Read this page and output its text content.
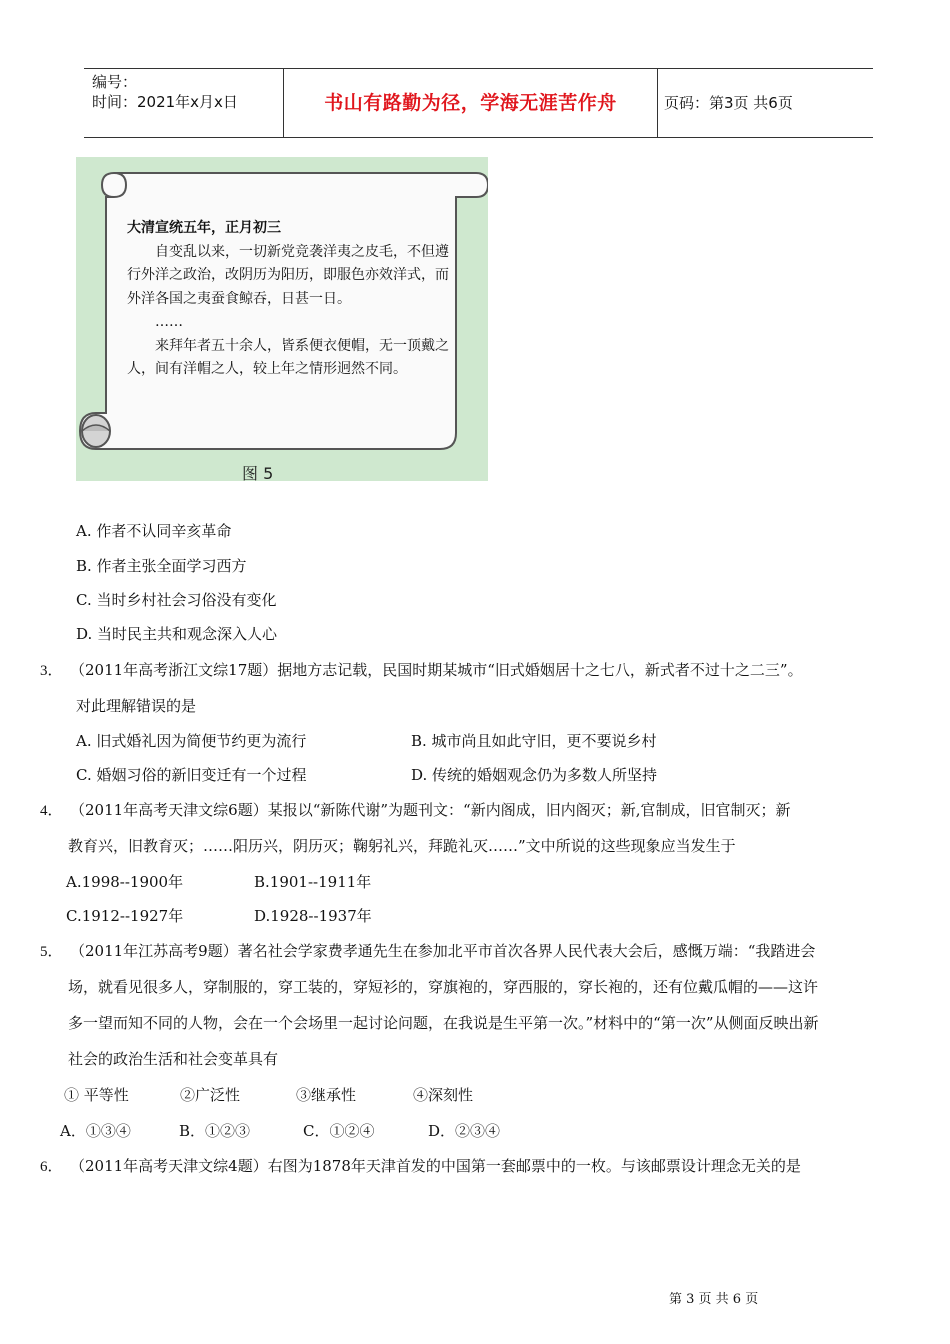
编号：
时间：2021年x月x日	书山有路勤为径，学海无涯苦作舟	页码：第3页 共6页

大清宣统五年，正月初三

自变乱以来，一切新党竞袭洋夷之皮毛，不但遵行外洋之政治，改阴历为阳历，即服色亦效洋式，而外洋各国之夷蚕食鲸吞，日甚一日。

……

来拜年者五十余人，皆系便衣便帽，无一顶戴之人，间有洋帽之人，较上年之情形迥然不同。

图 5
A. 作者不认同辛亥革命
B. 作者主张全面学习西方
C. 当时乡村社会习俗没有变化
D. 当时民主共和观念深入人心
3． （2011年高考浙江文综17题）据地方志记载，民国时期某城市“旧式婚姻居十之七八，新式者不过十之二三”。
对此理解错误的是
A. 旧式婚礼因为简便节约更为流行	B. 城市尚且如此守旧，更不要说乡村
C. 婚姻习俗的新旧变迁有一个过程	D. 传统的婚姻观念仍为多数人所坚持
4． （2011年高考天津文综6题）某报以“新陈代谢”为题刊文：“新内阁成，旧内阁灭；新,官制成，旧官制灭；新
教育兴，旧教育灭；……阳历兴，阴历灭；鞠躬礼兴，拜跪礼灭……”文中所说的这些现象应当发生于
A.1998--1900年	B.1901--1911年
C.1912--1927年	D.1928--1937年
5． （2011年江苏高考9题）著名社会学家费孝通先生在参加北平市首次各界人民代表大会后，感慨万端：“我踏进会
场，就看见很多人，穿制服的，穿工装的，穿短衫的，穿旗袍的，穿西服的，穿长袍的，还有位戴瓜帽的——这许
多一望而知不同的人物，会在一个会场里一起讨论问题，在我说是生平第一次。”材料中的“第一次”从侧面反映出新
社会的政治生活和社会变革具有
① 平等性	②广泛性	③继承性	④深刻性
A．①③④	B．①②③	C．①②④	D．②③④
6． （2011年高考天津文综4题）右图为1878年天津首发的中国第一套邮票中的一枚。与该邮票设计理念无关的是
第 3 页 共 6 页
